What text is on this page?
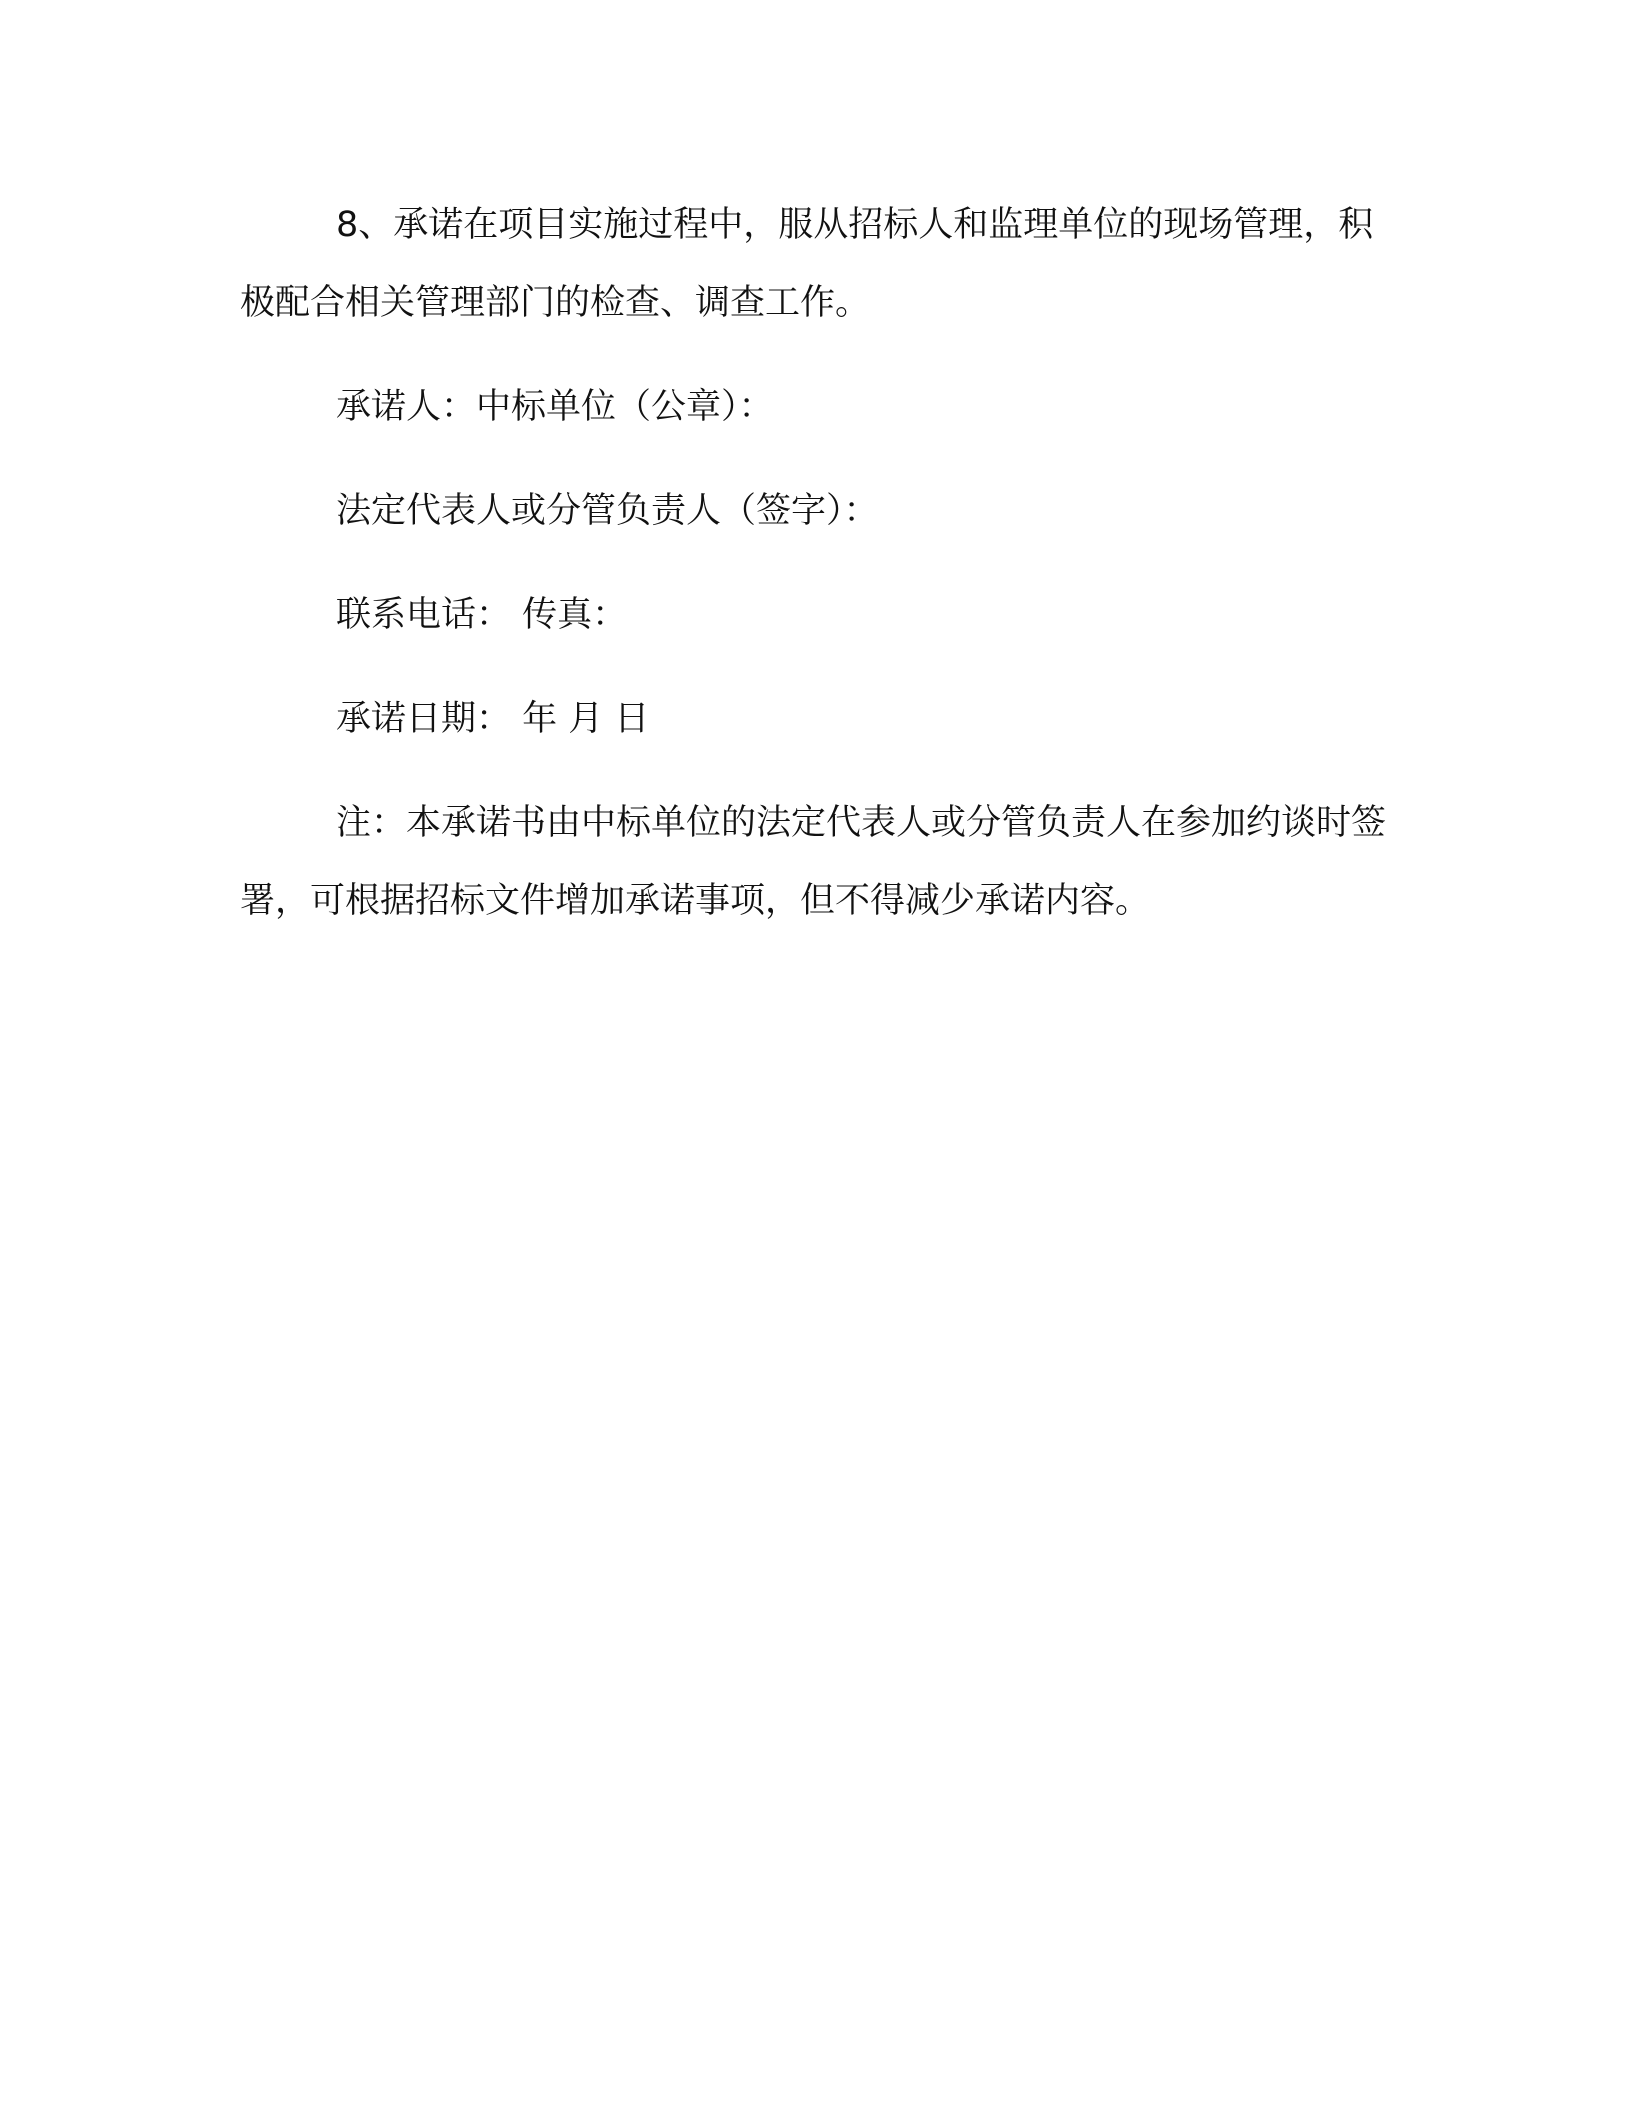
8、承诺在项目实施过程中，服从招标人和监理单位的现场管理，积极配合相关管理部门的检查、调查工作。

承诺人：中标单位（公章）：

法定代表人或分管负责人（签字）：

联系电话： 传真：

承诺日期： 年 月 日

注：本承诺书由中标单位的法定代表人或分管负责人在参加约谈时签署，可根据招标文件增加承诺事项，但不得减少承诺内容。
